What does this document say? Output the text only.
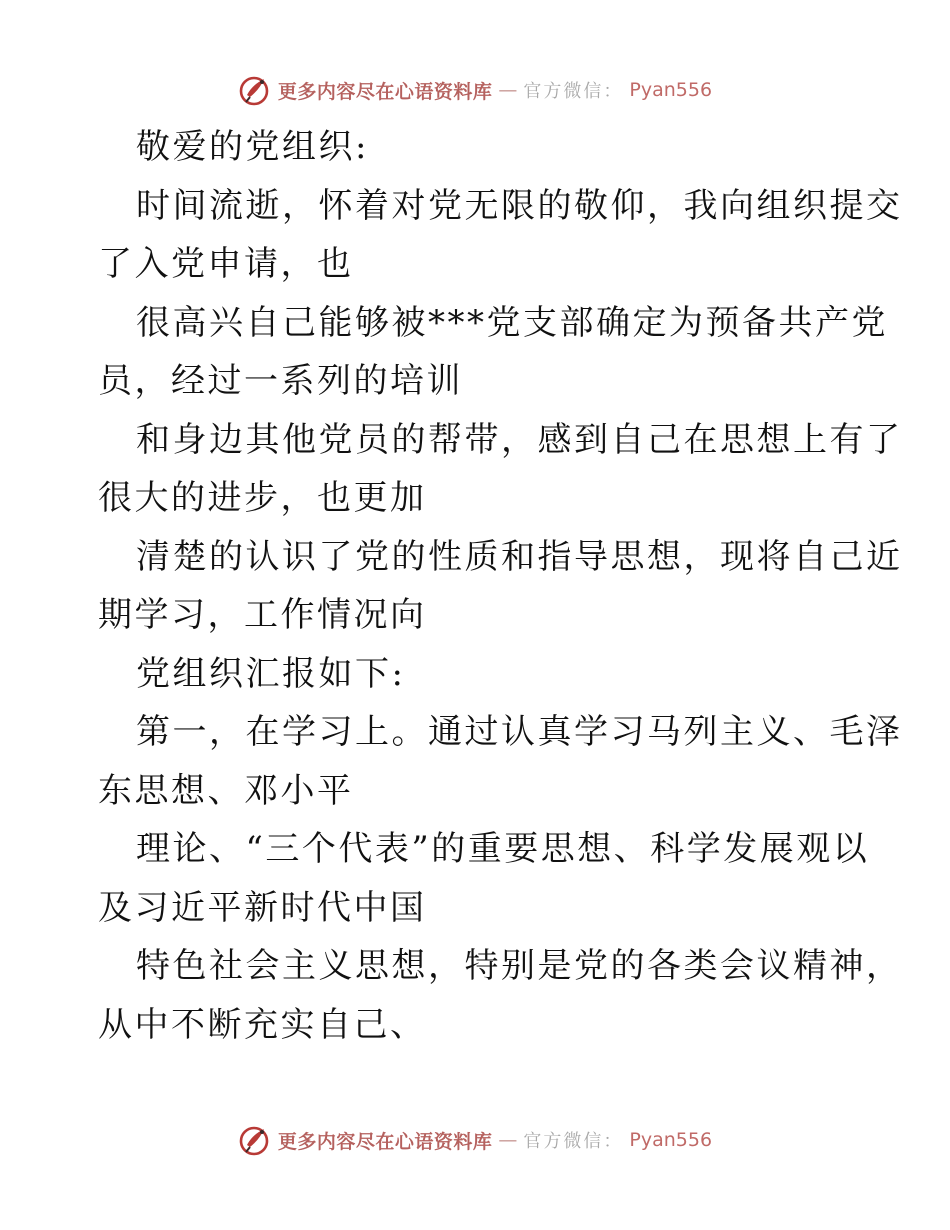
更多内容尽在心语资料库 — 官方微信： Pyan556
敬爱的党组织:
时间流逝，怀着对党无限的敬仰，我向组织提交
了入党申请，也
很高兴自己能够被***党支部确定为预备共产党
员，经过一系列的培训
和身边其他党员的帮带，感到自己在思想上有了
很大的进步，也更加
清楚的认识了党的性质和指导思想，现将自己近
期学习，工作情况向
党组织汇报如下:
第一，在学习上。通过认真学习马列主义、毛泽
东思想、邓小平
理论、“三个代表”的重要思想、科学发展观以
及习近平新时代中国
特色社会主义思想，特别是党的各类会议精神，
从中不断充实自己、
更多内容尽在心语资料库 — 官方微信： Pyan556
